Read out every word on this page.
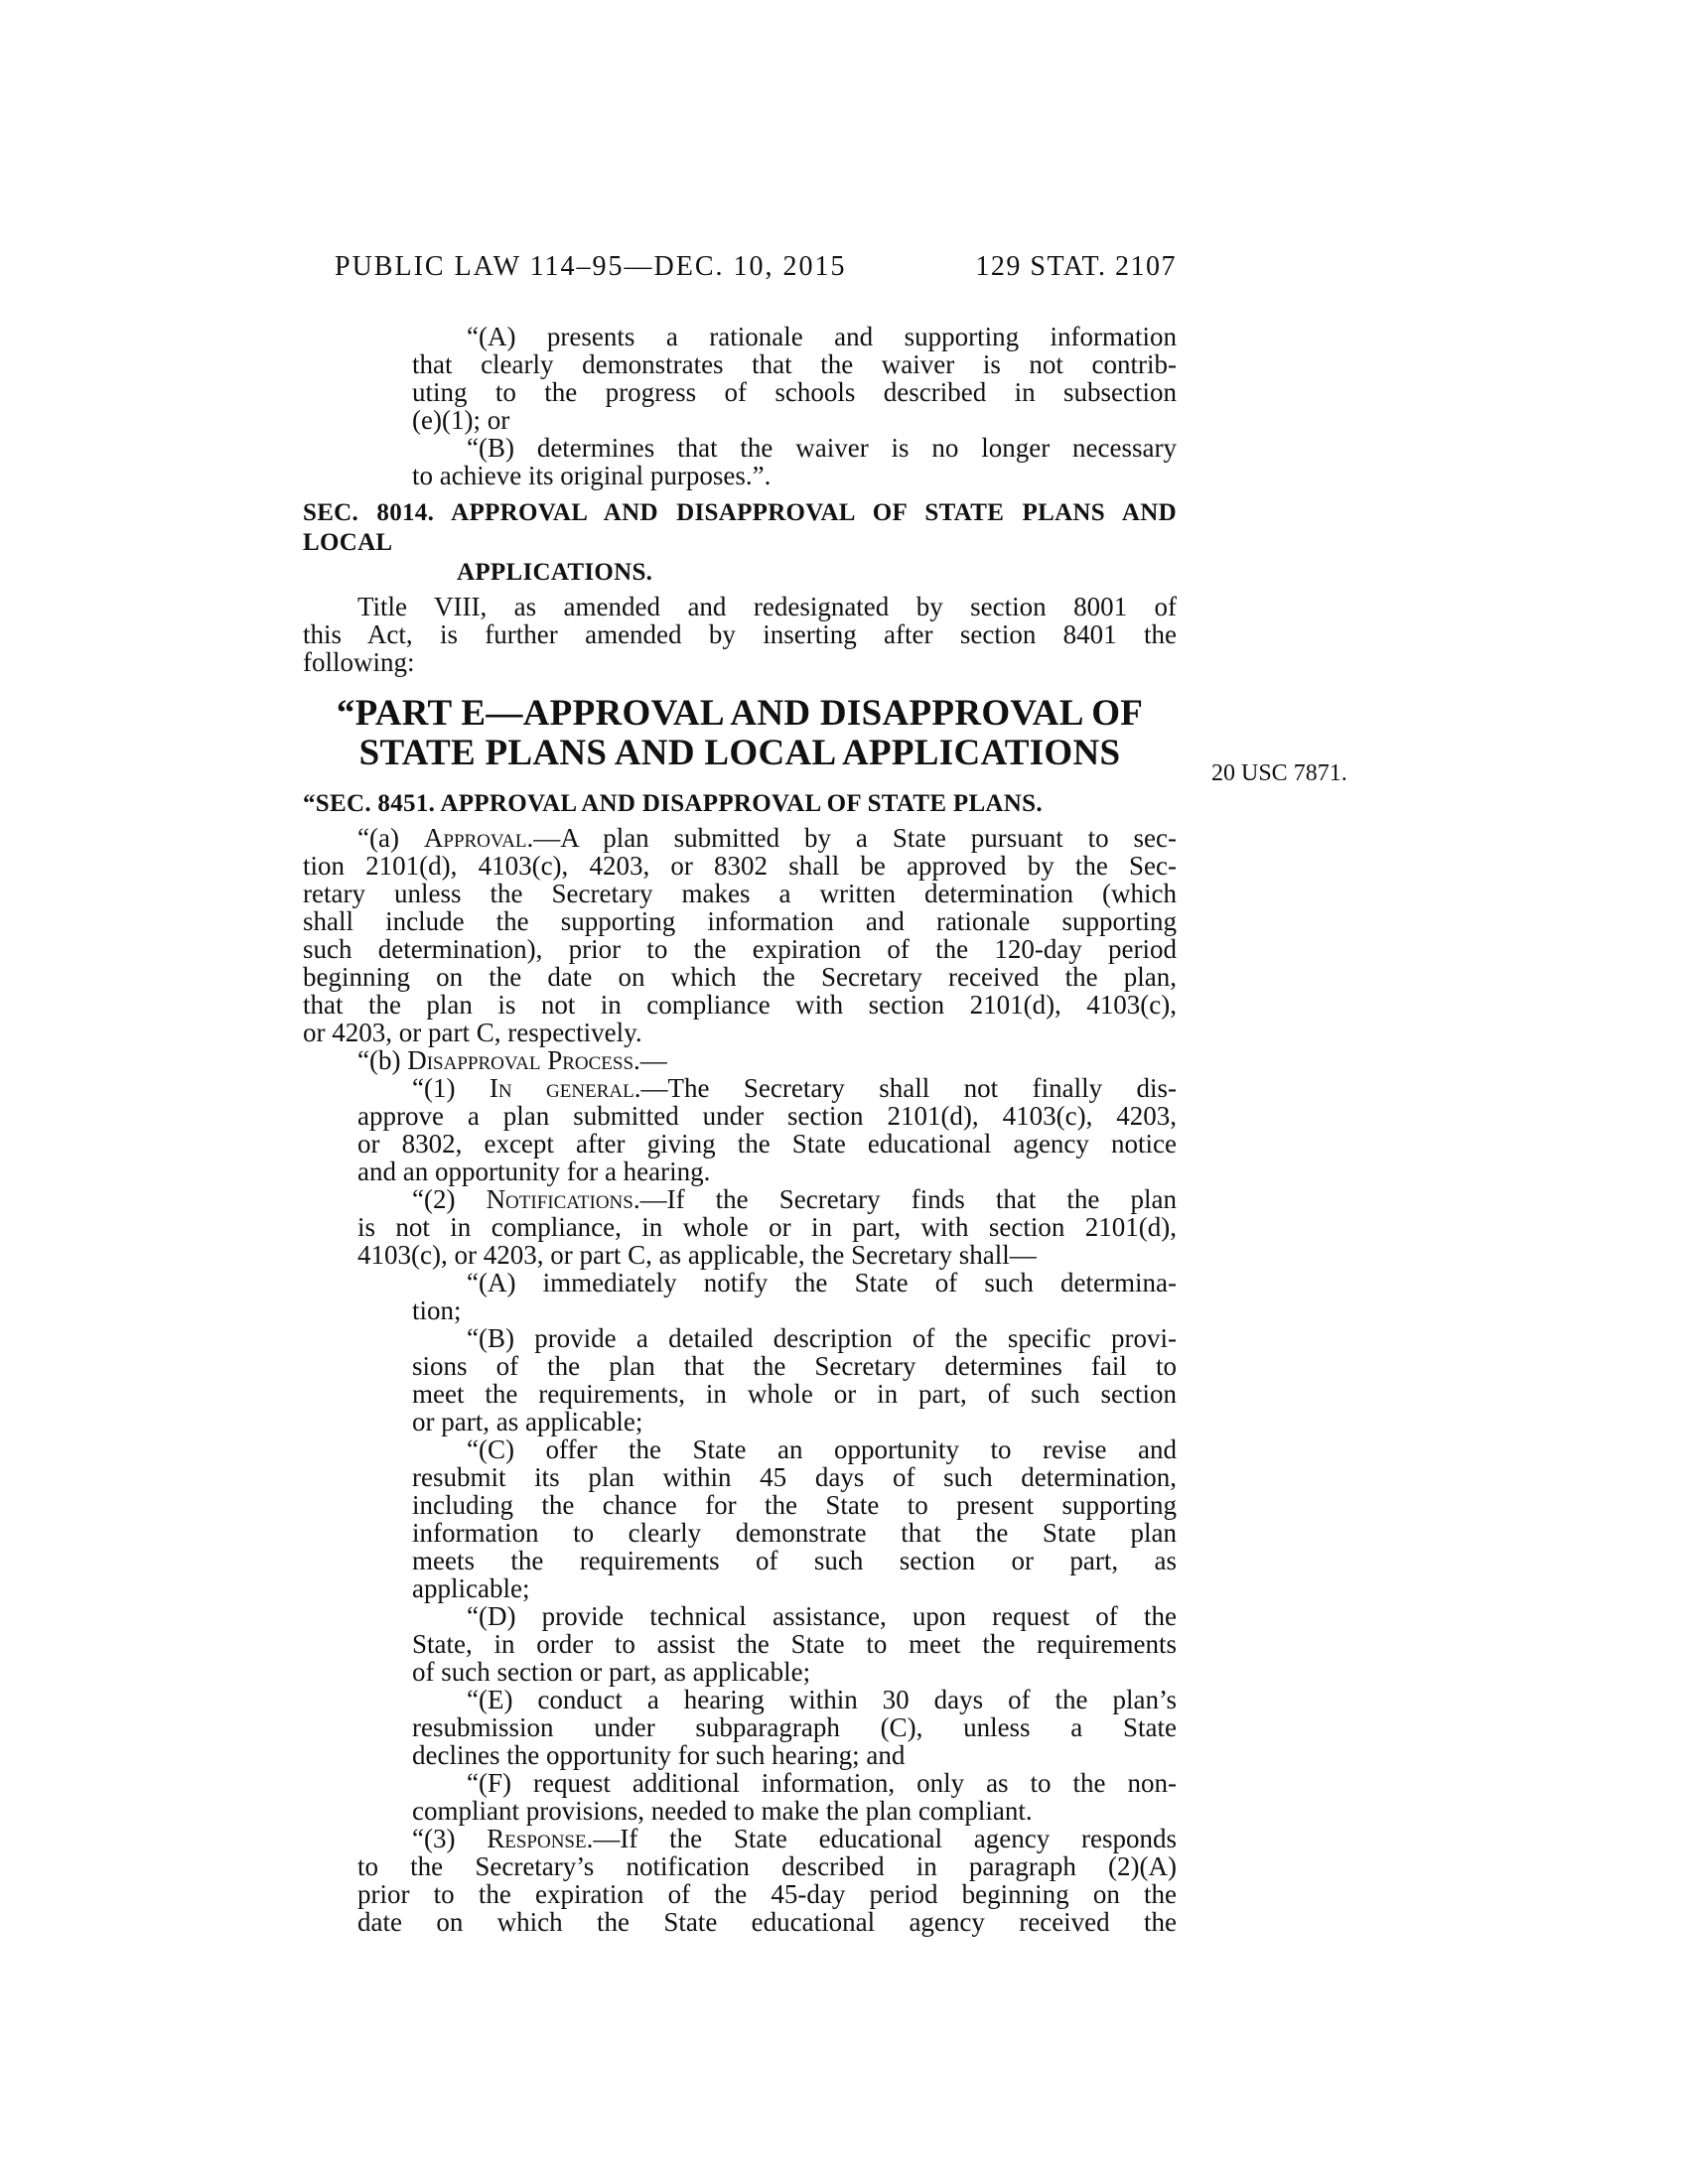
PUBLIC LAW 114–95—DEC. 10, 2015	129 STAT. 2107
20 USC 7871.
“(A) presents a rationale and supporting information
that clearly demonstrates that the waiver is not contrib-
uting to the progress of schools described in subsection
(e)(1); or
“(B) determines that the waiver is no longer necessary
to achieve its original purposes.”.
SEC. 8014. APPROVAL AND DISAPPROVAL OF STATE PLANS AND LOCAL
APPLICATIONS.
Title VIII, as amended and redesignated by section 8001 of
this Act, is further amended by inserting after section 8401 the
following:
“PART E—APPROVAL AND DISAPPROVAL OF
STATE PLANS AND LOCAL APPLICATIONS
“SEC. 8451. APPROVAL AND DISAPPROVAL OF STATE PLANS.
“(a) Approval.—A plan submitted by a State pursuant to sec-
tion 2101(d), 4103(c), 4203, or 8302 shall be approved by the Sec-
retary unless the Secretary makes a written determination (which
shall include the supporting information and rationale supporting
such determination), prior to the expiration of the 120-day period
beginning on the date on which the Secretary received the plan,
that the plan is not in compliance with section 2101(d), 4103(c),
or 4203, or part C, respectively.
“(b) Disapproval Process.—
“(1) In general.—The Secretary shall not finally dis-
approve a plan submitted under section 2101(d), 4103(c), 4203,
or 8302, except after giving the State educational agency notice
and an opportunity for a hearing.
“(2) Notifications.—If the Secretary finds that the plan
is not in compliance, in whole or in part, with section 2101(d),
4103(c), or 4203, or part C, as applicable, the Secretary shall—
“(A) immediately notify the State of such determina-
tion;
“(B) provide a detailed description of the specific provi-
sions of the plan that the Secretary determines fail to
meet the requirements, in whole or in part, of such section
or part, as applicable;
“(C) offer the State an opportunity to revise and
resubmit its plan within 45 days of such determination,
including the chance for the State to present supporting
information to clearly demonstrate that the State plan
meets the requirements of such section or part, as
applicable;
“(D) provide technical assistance, upon request of the
State, in order to assist the State to meet the requirements
of such section or part, as applicable;
“(E) conduct a hearing within 30 days of the plan’s
resubmission under subparagraph (C), unless a State
declines the opportunity for such hearing; and
“(F) request additional information, only as to the non-
compliant provisions, needed to make the plan compliant.
“(3) Response.—If the State educational agency responds
to the Secretary’s notification described in paragraph (2)(A)
prior to the expiration of the 45-day period beginning on the
date on which the State educational agency received the
